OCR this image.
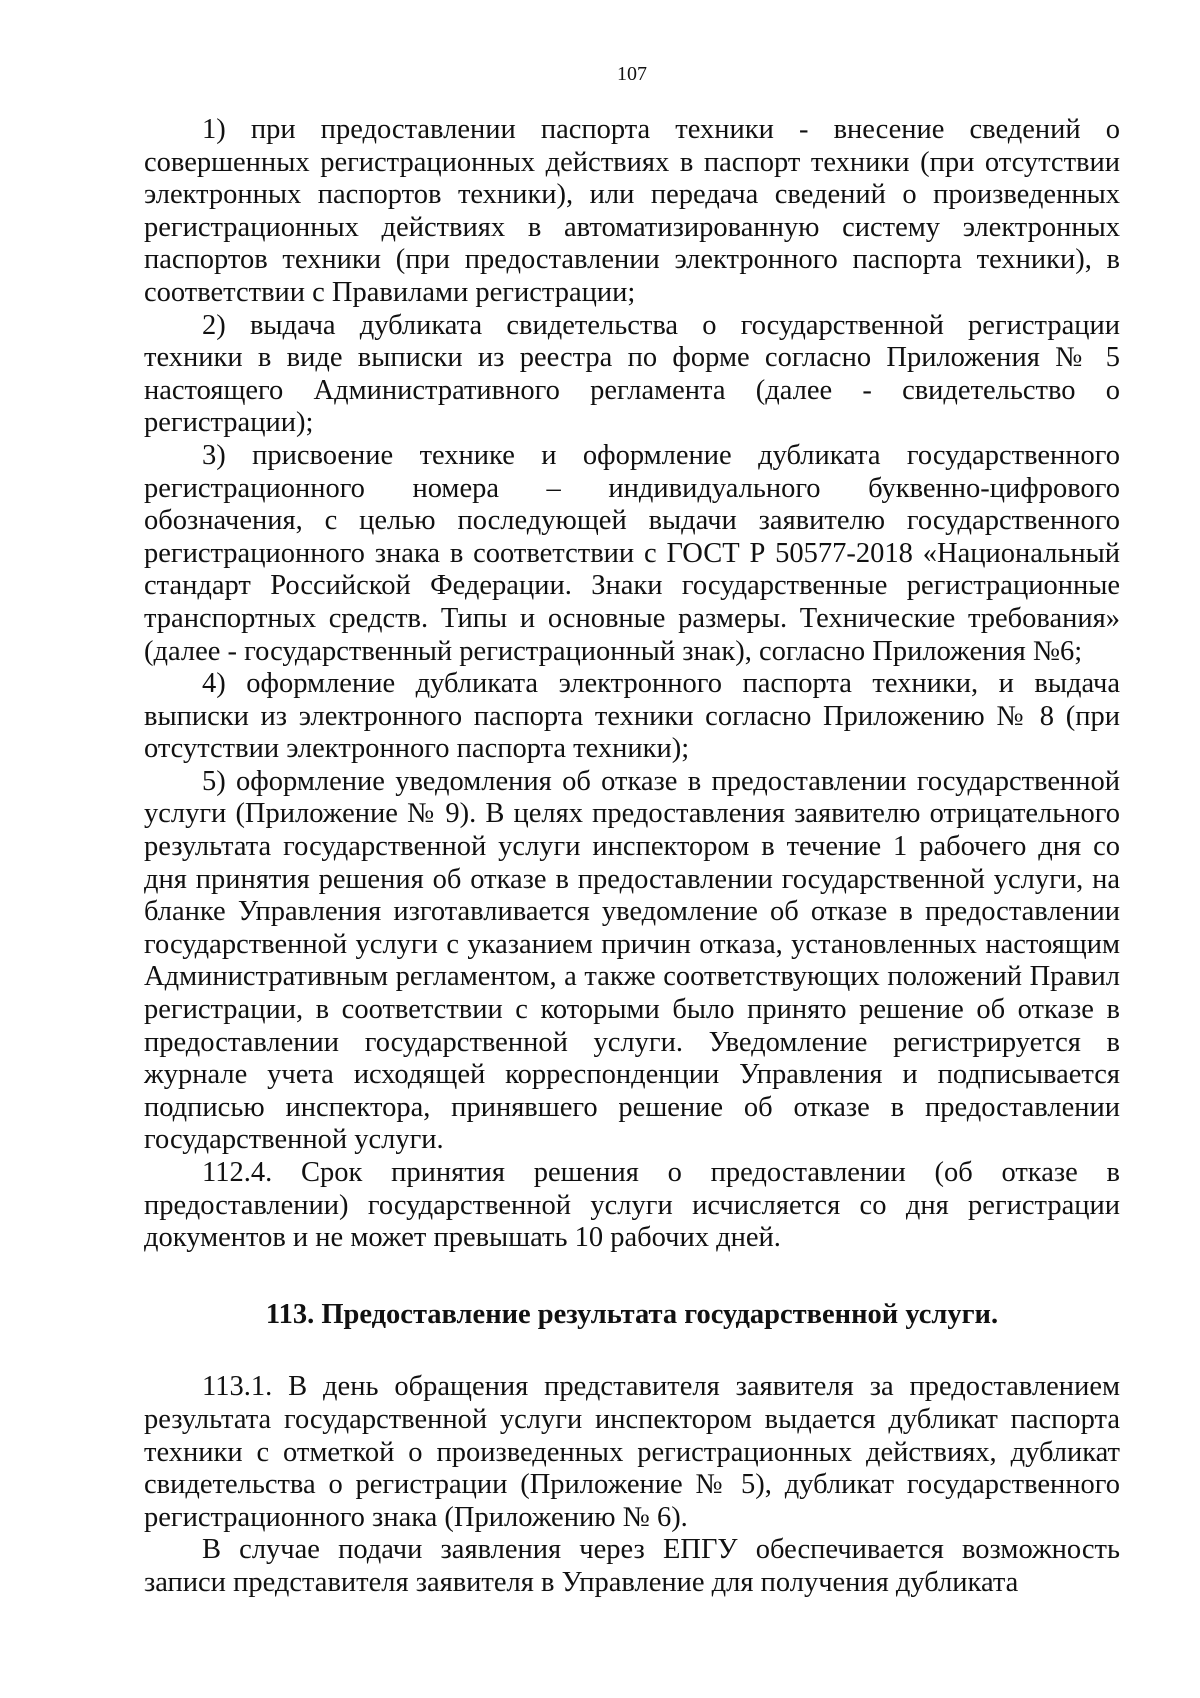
107

1) при предоставлении паспорта техники - внесение сведений о совершенных регистрационных действиях в паспорт техники (при отсутствии электронных паспортов техники), или передача сведений о произведенных регистрационных действиях в автоматизированную систему электронных паспортов техники (при предоставлении электронного паспорта техники), в соответствии с Правилами регистрации;

2) выдача дубликата свидетельства о государственной регистрации техники в виде выписки из реестра по форме согласно Приложения № 5 настоящего Административного регламента (далее - свидетельство о регистрации);

3) присвоение технике и оформление дубликата государственного регистрационного номера – индивидуального буквенно-цифрового обозначения, с целью последующей выдачи заявителю государственного регистрационного знака в соответствии с ГОСТ Р 50577-2018 «Национальный стандарт Российской Федерации. Знаки государственные регистрационные транспортных средств. Типы и основные размеры. Технические требования» (далее - государственный регистрационный знак), согласно Приложения №6;

4) оформление дубликата электронного паспорта техники, и выдача выписки из электронного паспорта техники согласно Приложению № 8 (при отсутствии электронного паспорта техники);

5) оформление уведомления об отказе в предоставлении государственной услуги (Приложение № 9). В целях предоставления заявителю отрицательного результата государственной услуги инспектором в течение 1 рабочего дня со дня принятия решения об отказе в предоставлении государственной услуги, на бланке Управления изготавливается уведомление об отказе в предоставлении государственной услуги с указанием причин отказа, установленных настоящим Административным регламентом, а также соответствующих положений Правил регистрации, в соответствии с которыми было принято решение об отказе в предоставлении государственной услуги. Уведомление регистрируется в журнале учета исходящей корреспонденции Управления и подписывается подписью инспектора, принявшего решение об отказе в предоставлении государственной услуги.

112.4. Срок принятия решения о предоставлении (об отказе в предоставлении) государственной услуги исчисляется со дня регистрации документов и не может превышать 10 рабочих дней.

113. Предоставление результата государственной услуги.

113.1. В день обращения представителя заявителя за предоставлением результата государственной услуги инспектором выдается дубликат паспорта техники с отметкой о произведенных регистрационных действиях, дубликат свидетельства о регистрации (Приложение № 5), дубликат государственного регистрационного знака (Приложению № 6).

В случае подачи заявления через ЕПГУ обеспечивается возможность записи представителя заявителя в Управление для получения дубликата
